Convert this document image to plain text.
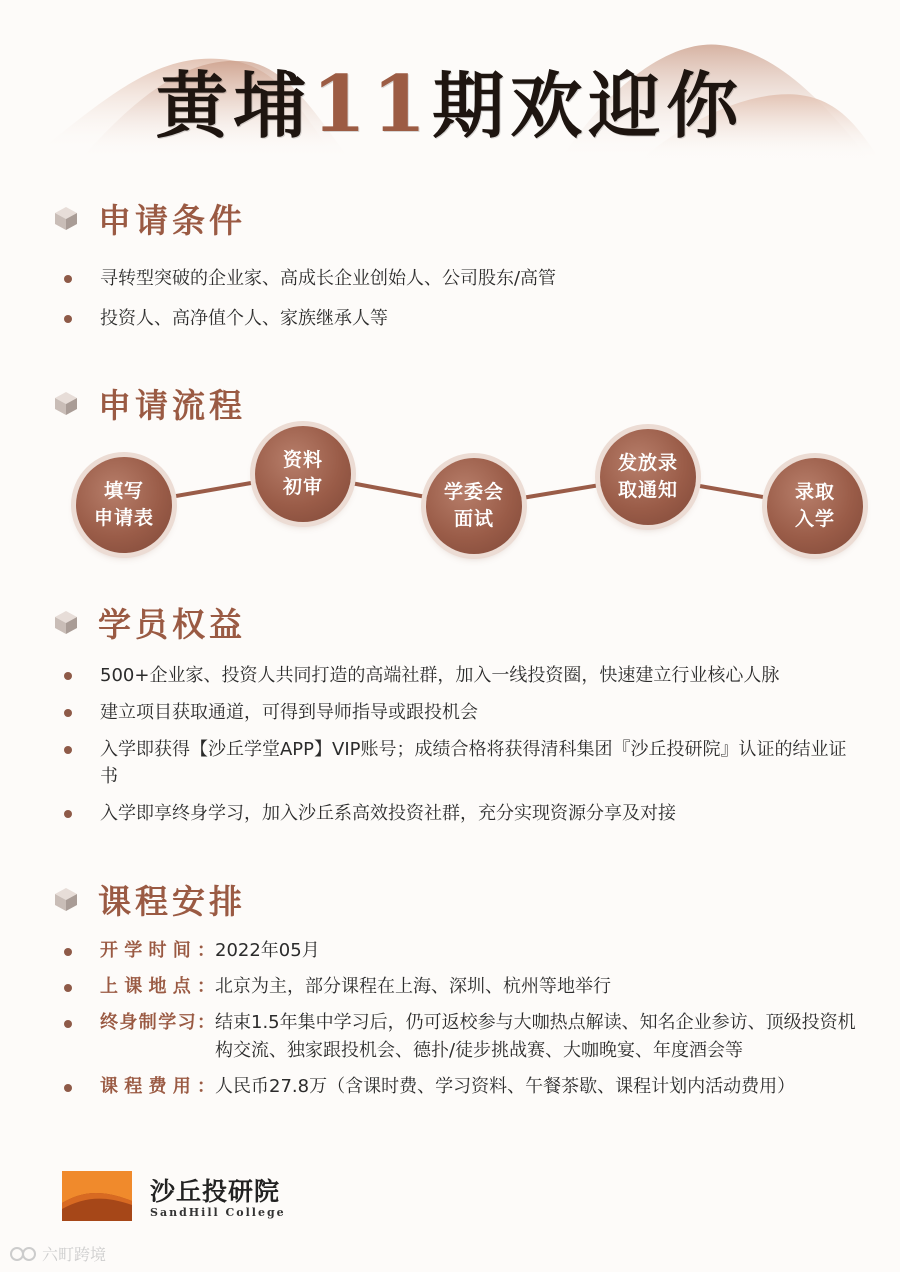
黄埔11期欢迎你
申请条件
寻转型突破的企业家、高成长企业创始人、公司股东/高管
投资人、高净值个人、家族继承人等
申请流程
填写
申请表
资料
初审	学委会
面试
发放录
取通知	录取
入学
学员权益
500+企业家、投资人共同打造的高端社群，加入一线投资圈，快速建立行业核心人脉
建立项目获取通道，可得到导师指导或跟投机会
入学即获得【沙丘学堂APP】VIP账号；成绩合格将获得清科集团『沙丘投研院』认证的结业证书
入学即享终身学习，加入沙丘系高效投资社群，充分实现资源分享及对接
课程安排
开学时间： 2022年05月
上课地点： 北京为主，部分课程在上海、深圳、杭州等地举行
终身制学习： 结束1.5年集中学习后，仍可返校参与大咖热点解读、知名企业参访、顶级投资机构交流、独家跟投机会、德扑/徒步挑战赛、大咖晚宴、年度酒会等
课程费用： 人民币27.8万（含课时费、学习资料、午餐茶歇、课程计划内活动费用）
沙丘投研院
SandHill College
六町跨境
